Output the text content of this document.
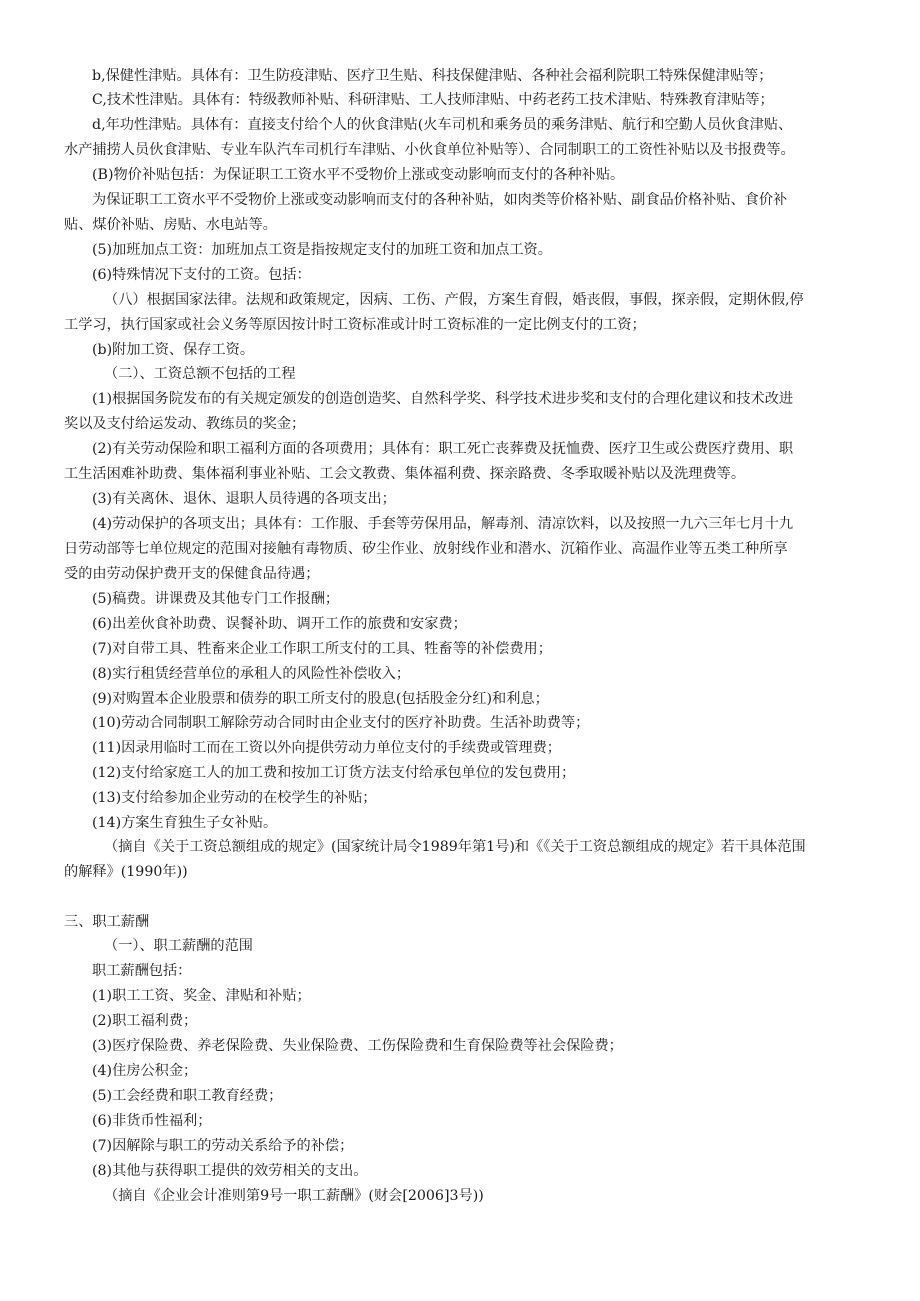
b,保健性津贴。具体有：卫生防疫津贴、医疗卫生贴、科技保健津贴、各种社会福利院职工特殊保健津贴等；
C,技术性津贴。具体有：特级教师补贴、科研津贴、工人技师津贴、中药老药工技术津贴、特殊教育津贴等；
d,年功性津贴。具体有：直接支付给个人的伙食津贴(火车司机和乘务员的乘务津贴、航行和空勤人员伙食津贴、
水产捕捞人员伙食津贴、专业车队汽车司机行车津贴、小伙食单位补贴等）、合同制职工的工资性补贴以及书报费等。
(B)物价补贴包括：为保证职工工资水平不受物价上涨或变动影响而支付的各种补贴。
为保证职工工资水平不受物价上涨或变动影响而支付的各种补贴，如肉类等价格补贴、副食品价格补贴、食价补
贴、煤价补贴、房贴、水电站等。
(5)加班加点工资：加班加点工资是指按规定支付的加班工资和加点工资。
(6)特殊情况下支付的工资。包括：
（八）根据国家法律。法规和政策规定，因病、工伤、产假，方案生育假，婚丧假，事假，探亲假，定期休假,停
工学习，执行国家或社会义务等原因按计时工资标准或计时工资标准的一定比例支付的工资；
(b)附加工资、保存工资。
（二）、工资总额不包括的工程
(1)根据国务院发布的有关规定颁发的创造创造奖、自然科学奖、科学技术进步奖和支付的合理化建议和技术改进
奖以及支付给运发动、教练员的奖金；
(2)有关劳动保险和职工福利方面的各项费用；具体有：职工死亡丧葬费及抚恤费、医疗卫生或公费医疗费用、职
工生活困难补助费、集体福利事业补贴、工会文教费、集体福利费、探亲路费、冬季取暖补贴以及洗理费等。
(3)有关离休、退休、退职人员待遇的各项支出；
(4)劳动保护的各项支出；具体有：工作服、手套等劳保用品，解毒剂、清凉饮料，以及按照一九六三年七月十九
日劳动部等七单位规定的范围对接触有毒物质、矽尘作业、放射线作业和潜水、沉箱作业、高温作业等五类工种所享
受的由劳动保护费开支的保健食品待遇；
(5)稿费。讲课费及其他专门工作报酬；
(6)出差伙食补助费、误餐补助、调开工作的旅费和安家费；
(7)对自带工具、牲畜来企业工作职工所支付的工具、牲畜等的补偿费用；
(8)实行租赁经营单位的承租人的风险性补偿收入；
(9)对购置本企业股票和债券的职工所支付的股息(包括股金分红)和利息；
(10)劳动合同制职工解除劳动合同时由企业支付的医疗补助费。生活补助费等；
(11)因录用临时工而在工资以外向提供劳动力单位支付的手续费或管理费；
(12)支付给家庭工人的加工费和按加工订货方法支付给承包单位的发包费用；
(13)支付给参加企业劳动的在校学生的补贴；
(14)方案生育独生子女补贴。
（摘自《关于工资总额组成的规定》(国家统计局令1989年第1号)和《《关于工资总额组成的规定》若干具体范围
的解释》(1990年))
三、职工薪酬
（一）、职工薪酬的范围
职工薪酬包括：
(1)职工工资、奖金、津贴和补贴；
(2)职工福利费；
(3)医疗保险费、养老保险费、失业保险费、工伤保险费和生育保险费等社会保险费；
(4)住房公积金；
(5)工会经费和职工教育经费；
(6)非货币性福利；
(7)因解除与职工的劳动关系给予的补偿；
(8)其他与获得职工提供的效劳相关的支出。
（摘自《企业会计准则第9号一职工薪酬》(财会[2006]3号))
